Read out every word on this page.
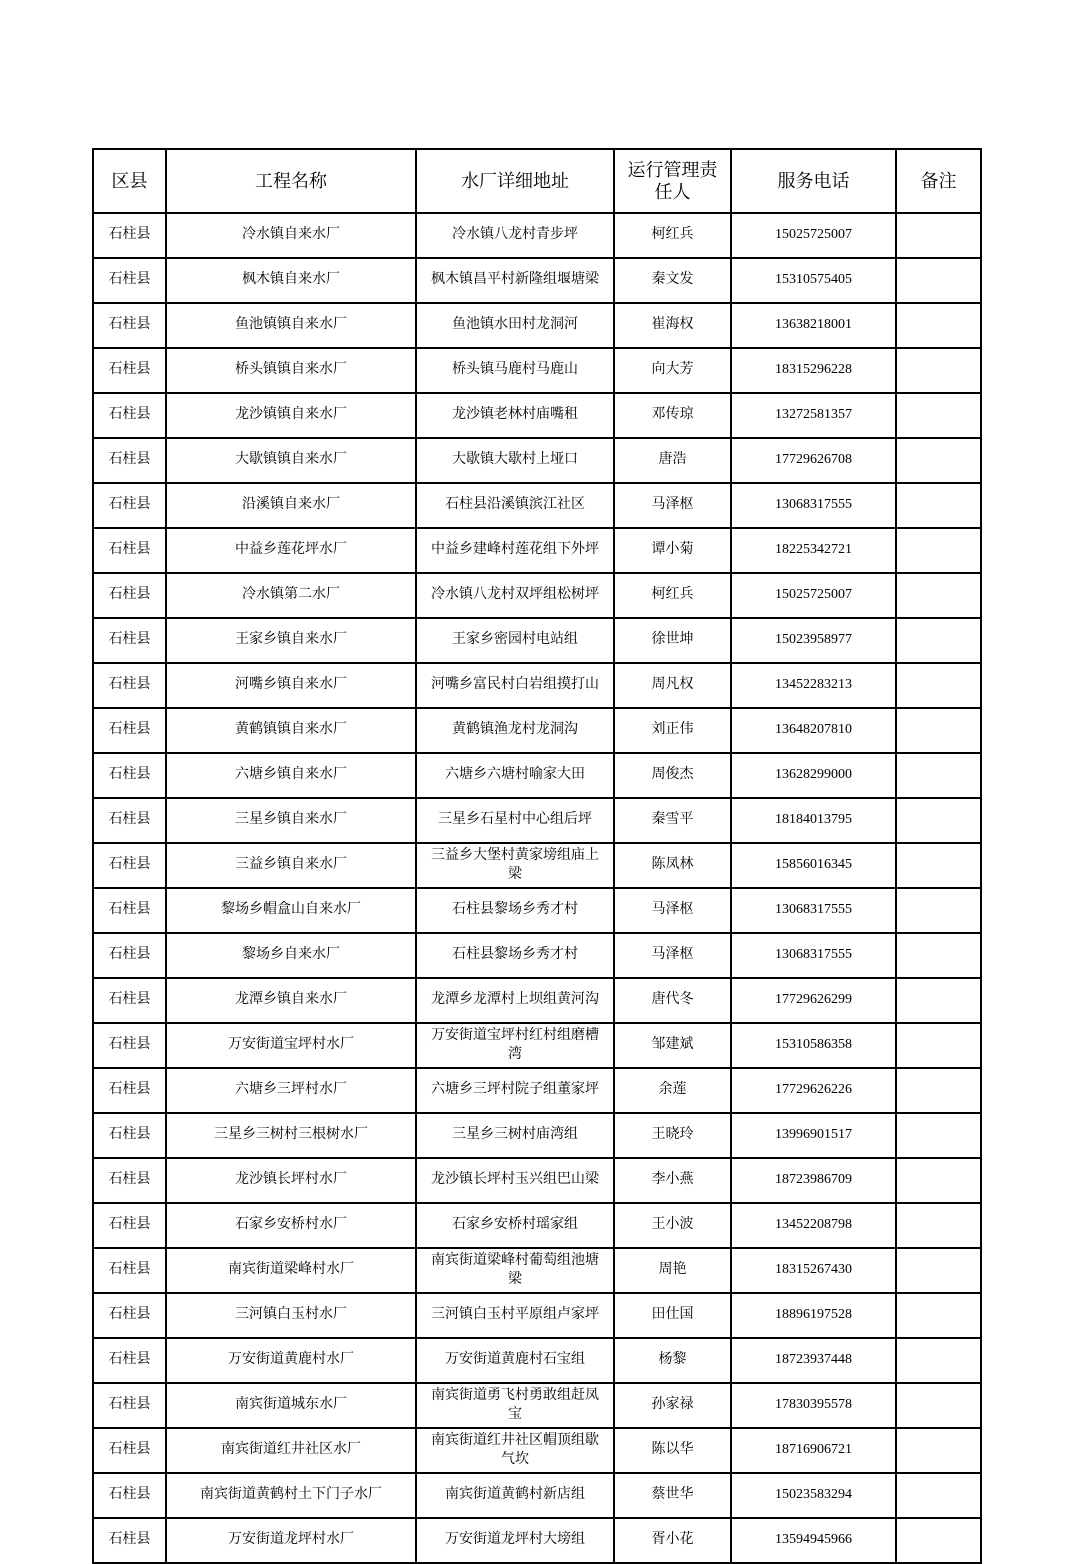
区县	工程名称	水厂详细地址	运行管理责任人	服务电话	备注
石柱县	冷水镇自来水厂	冷水镇八龙村青步坪	柯红兵	15025725007	
石柱县	枫木镇自来水厂	枫木镇昌平村新隆组堰塘梁	秦文发	15310575405	
石柱县	鱼池镇镇自来水厂	鱼池镇水田村龙洞河	崔海权	13638218001	
石柱县	桥头镇镇自来水厂	桥头镇马鹿村马鹿山	向大芳	18315296228	
石柱县	龙沙镇镇自来水厂	龙沙镇老林村庙嘴租	邓传琼	13272581357	
石柱县	大歇镇镇自来水厂	大歇镇大歇村上垭口	唐浩	17729626708	
石柱县	沿溪镇自来水厂	石柱县沿溪镇滨江社区	马泽枢	13068317555	
石柱县	中益乡莲花坪水厂	中益乡建峰村莲花组下外坪	谭小菊	18225342721	
石柱县	冷水镇第二水厂	冷水镇八龙村双坪组松树坪	柯红兵	15025725007	
石柱县	王家乡镇自来水厂	王家乡密园村电站组	徐世坤	15023958977	
石柱县	河嘴乡镇自来水厂	河嘴乡富民村白岩组摸打山	周凡权	13452283213	
石柱县	黄鹤镇镇自来水厂	黄鹤镇渔龙村龙洞沟	刘正伟	13648207810	
石柱县	六塘乡镇自来水厂	六塘乡六塘村喻家大田	周俊杰	13628299000	
石柱县	三星乡镇自来水厂	三星乡石星村中心组后坪	秦雪平	18184013795	
石柱县	三益乡镇自来水厂	三益乡大堡村黄家塝组庙上梁	陈凤林	15856016345	
石柱县	黎场乡帽盒山自来水厂	石柱县黎场乡秀才村	马泽枢	13068317555	
石柱县	黎场乡自来水厂	石柱县黎场乡秀才村	马泽枢	13068317555	
石柱县	龙潭乡镇自来水厂	龙潭乡龙潭村上坝组黄河沟	唐代冬	17729626299	
石柱县	万安街道宝坪村水厂	万安街道宝坪村红村组磨槽湾	邹建斌	15310586358	
石柱县	六塘乡三坪村水厂	六塘乡三坪村院子组董家坪	余莲	17729626226	
石柱县	三星乡三树村三根树水厂	三星乡三树村庙湾组	王晓玲	13996901517	
石柱县	龙沙镇长坪村水厂	龙沙镇长坪村玉兴组巴山梁	李小燕	18723986709	
石柱县	石家乡安桥村水厂	石家乡安桥村瑶家组	王小波	13452208798	
石柱县	南宾街道梁峰村水厂	南宾街道梁峰村葡萄组池塘梁	周艳	18315267430	
石柱县	三河镇白玉村水厂	三河镇白玉村平原组卢家坪	田仕国	18896197528	
石柱县	万安街道黄鹿村水厂	万安街道黄鹿村石宝组	杨黎	18723937448	
石柱县	南宾街道城东水厂	南宾街道勇飞村勇敢组赶凤宝	孙家禄	17830395578	
石柱县	南宾街道红井社区水厂	南宾街道红井社区帽顶组歇气坎	陈以华	18716906721	
石柱县	南宾街道黄鹤村土下门子水厂	南宾街道黄鹤村新店组	蔡世华	15023583294	
石柱县	万安街道龙坪村水厂	万安街道龙坪村大塝组	胥小花	13594945966	
